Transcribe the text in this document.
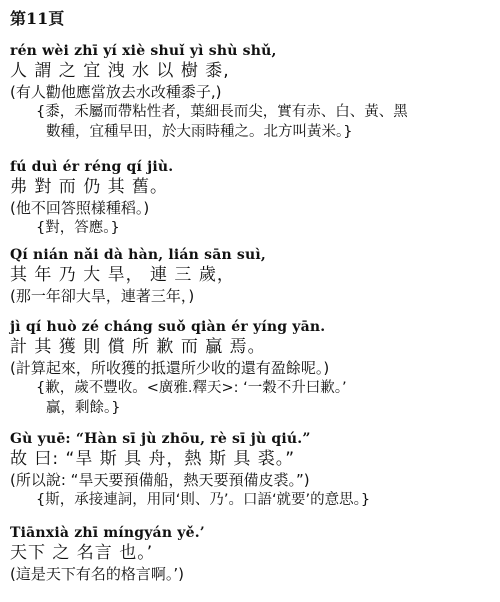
第11頁
rén wèi zhī yí xiè shuǐ yì shù shǔ,
人 謂 之 宜 洩 水 以 樹 黍,
(有人勸他應當放去水改種黍子,)
{黍，禾屬而帶粘性者，葉細長而尖，實有赤、白、黃、黑
數種，宜種早田，於大雨時種之。北方叫黃米。}
fú duì ér réng qí jiù.
弗 對 而 仍 其 舊。
(他不回答照樣種稻。)
{對，答應。}
Qí nián nǎi dà hàn, lián sān suì,
其 年 乃 大 旱， 連 三 歲，
(那一年卻大旱，連著三年，)
jì qí huò zé cháng suǒ qiàn ér yíng yān.
計 其 獲 則 償 所 歉 而 贏 焉。
(計算起來，所收獲的抵還所少收的還有盈餘呢。)
{歉，歲不豐收。<廣雅.釋天>: ‘一穀不升曰歉。’
贏，剩餘。}
Gù yuē: “Hàn sī jù zhōu, rè sī jù qiú.”
故 曰: “旱 斯 具 舟，熱 斯 具 裘。”
(所以說: “旱天要預備船，熱天要預備皮裘。”)
{斯，承接連詞，用同‘則、乃’。口語‘就要’的意思。}
Tiānxià zhī míngyán yě.’
天下 之 名言 也。’
(這是天下有名的格言啊。’)
